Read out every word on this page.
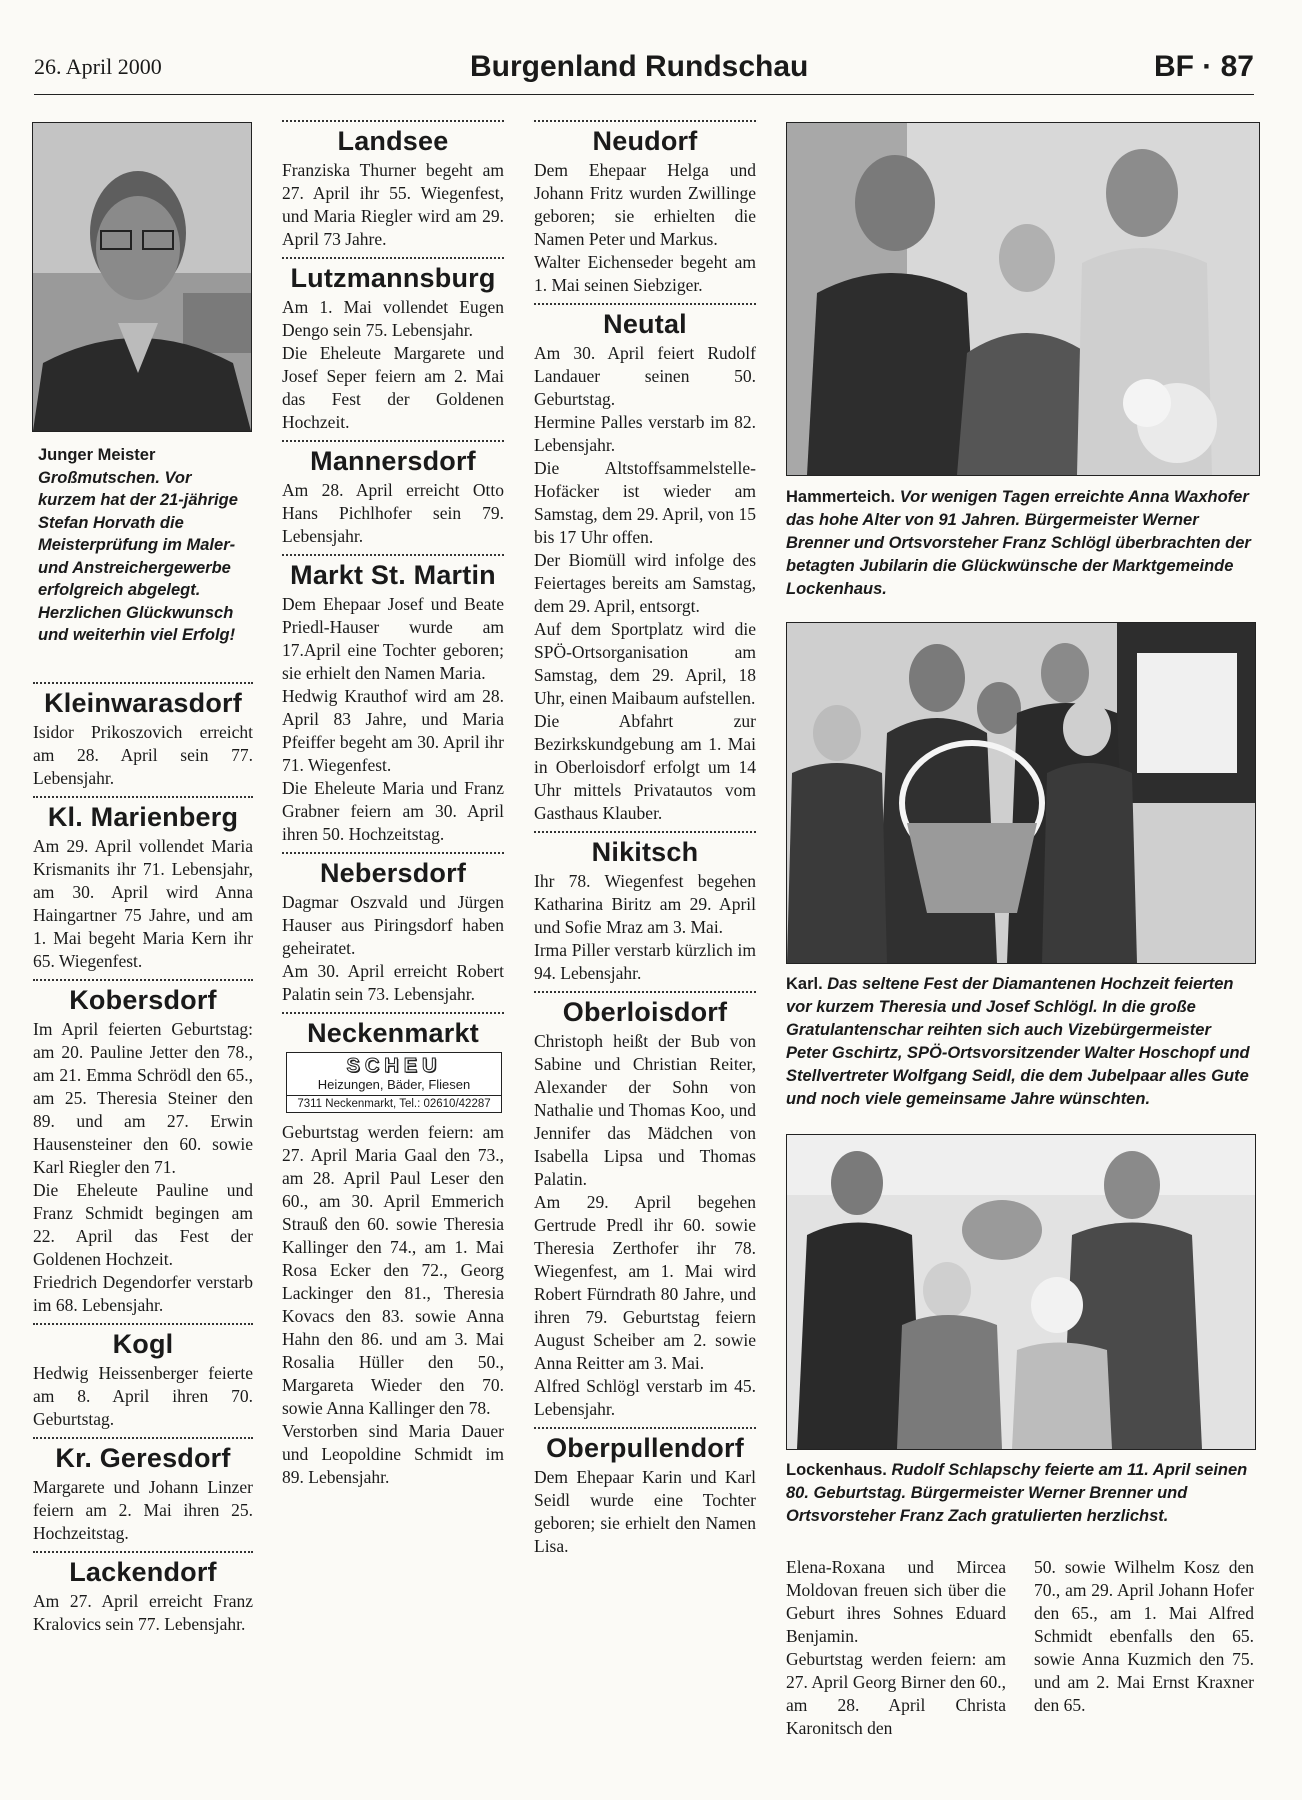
26. April 2000	Burgenland Rundschau	BF · 87
Junger Meister
Großmutschen. Vor kurzem hat der 21-jährige Stefan Horvath die Meisterprüfung im Maler- und Anstreichergewerbe erfolgreich abgelegt. Herzlichen Glückwunsch und weiterhin viel Erfolg!
Kleinwarasdorf

Isidor Prikoszovich erreicht am 28. April sein 77. Lebensjahr.

Kl. Marienberg

Am 29. April vollendet Maria Krismanits ihr 71. Lebensjahr, am 30. April wird Anna Haingartner 75 Jahre, und am 1. Mai begeht Maria Kern ihr 65. Wiegenfest.

Kobersdorf

Im April feierten Geburtstag: am 20. Pauline Jetter den 78., am 21. Emma Schrödl den 65., am 25. Theresia Steiner den 89. und am 27. Erwin Hausensteiner den 60. sowie Karl Riegler den 71.

Die Eheleute Pauline und Franz Schmidt begingen am 22. April das Fest der Goldenen Hochzeit.

Friedrich Degendorfer verstarb im 68. Lebensjahr.

Kogl

Hedwig Heissenberger feierte am 8. April ihren 70. Geburtstag.

Kr. Geresdorf

Margarete und Johann Linzer feiern am 2. Mai ihren 25. Hochzeitstag.

Lackendorf

Am 27. April erreicht Franz Kralovics sein 77. Lebensjahr.

Landsee

Franziska Thurner begeht am 27. April ihr 55. Wiegenfest, und Maria Riegler wird am 29. April 73 Jahre.

Lutzmannsburg

Am 1. Mai vollendet Eugen Dengo sein 75. Lebensjahr.

Die Eheleute Margarete und Josef Seper feiern am 2. Mai das Fest der Goldenen Hochzeit.

Mannersdorf

Am 28. April erreicht Otto Hans Pichlhofer sein 79. Lebensjahr.

Markt St. Martin

Dem Ehepaar Josef und Beate Priedl-Hauser wurde am 17.April eine Tochter geboren; sie erhielt den Namen Maria.

Hedwig Krauthof wird am 28. April 83 Jahre, und Maria Pfeiffer begeht am 30. April ihr 71. Wiegenfest.

Die Eheleute Maria und Franz Grabner feiern am 30. April ihren 50. Hochzeitstag.

Nebersdorf

Dagmar Oszvald und Jürgen Hauser aus Piringsdorf haben geheiratet.

Am 30. April erreicht Robert Palatin sein 73. Lebensjahr.

Neckenmarkt
SCHEU
Heizungen, Bäder, Fliesen
7311 Neckenmarkt, Tel.: 02610/42287

Geburtstag werden feiern: am 27. April Maria Gaal den 73., am 28. April Paul Leser den 60., am 30. April Emmerich Strauß den 60. sowie Theresia Kallinger den 74., am 1. Mai Rosa Ecker den 72., Georg Lackinger den 81., Theresia Kovacs den 83. sowie Anna Hahn den 86. und am 3. Mai Rosalia Hüller den 50., Margareta Wieder den 70. sowie Anna Kallinger den 78.

Verstorben sind Maria Dauer und Leopoldine Schmidt im 89. Lebensjahr.

Neudorf

Dem Ehepaar Helga und Johann Fritz wurden Zwillinge geboren; sie erhielten die Namen Peter und Markus.

Walter Eichenseder begeht am 1. Mai seinen Siebziger.

Neutal

Am 30. April feiert Rudolf Landauer seinen 50. Geburtstag.

Hermine Palles verstarb im 82. Lebensjahr.

Die Altstoffsammelstelle-Hofäcker ist wieder am Samstag, dem 29. April, von 15 bis 17 Uhr offen.

Der Biomüll wird infolge des Feiertages bereits am Samstag, dem 29. April, entsorgt.

Auf dem Sportplatz wird die SPÖ-Ortsorganisation am Samstag, dem 29. April, 18 Uhr, einen Maibaum aufstellen.

Die Abfahrt zur Bezirkskundgebung am 1. Mai in Oberloisdorf erfolgt um 14 Uhr mittels Privatautos vom Gasthaus Klauber.

Nikitsch

Ihr 78. Wiegenfest begehen Katharina Biritz am 29. April und Sofie Mraz am 3. Mai.

Irma Piller verstarb kürzlich im 94. Lebensjahr.

Oberloisdorf

Christoph heißt der Bub von Sabine und Christian Reiter, Alexander der Sohn von Nathalie und Thomas Koo, und Jennifer das Mädchen von Isabella Lipsa und Thomas Palatin.

Am 29. April begehen Gertrude Predl ihr 60. sowie Theresia Zerthofer ihr 78. Wiegenfest, am 1. Mai wird Robert Fürndrath 80 Jahre, und ihren 79. Geburtstag feiern August Scheiber am 2. sowie Anna Reitter am 3. Mai.

Alfred Schlögl verstarb im 45. Lebensjahr.

Oberpullendorf

Dem Ehepaar Karin und Karl Seidl wurde eine Tochter geboren; sie erhielt den Namen Lisa.

Hammerteich. Vor wenigen Tagen erreichte Anna Waxhofer das hohe Alter von 91 Jahren. Bürgermeister Werner Brenner und Ortsvorsteher Franz Schlögl überbrachten der betagten Jubilarin die Glückwünsche der Marktgemeinde Lockenhaus.
Karl. Das seltene Fest der Diamantenen Hochzeit feierten vor kurzem Theresia und Josef Schlögl. In die große Gratulantenschar reihten sich auch Vizebürgermeister Peter Gschirtz, SPÖ-Ortsvorsitzender Walter Hoschopf und Stellvertreter Wolfgang Seidl, die dem Jubelpaar alles Gute und noch viele gemeinsame Jahre wünschten.
Lockenhaus. Rudolf Schlapschy feierte am 11. April seinen 80. Geburtstag. Bürgermeister Werner Brenner und Ortsvorsteher Franz Zach gratulierten herzlichst.

Elena-Roxana und Mircea Moldovan freuen sich über die Geburt ihres Sohnes Eduard Benjamin.

Geburtstag werden feiern: am 27. April Georg Birner den 60., am 28. April Christa Karonitsch den

50. sowie Wilhelm Kosz den 70., am 29. April Johann Hofer den 65., am 1. Mai Alfred Schmidt ebenfalls den 65. sowie Anna Kuzmich den 75. und am 2. Mai Ernst Kraxner den 65.
